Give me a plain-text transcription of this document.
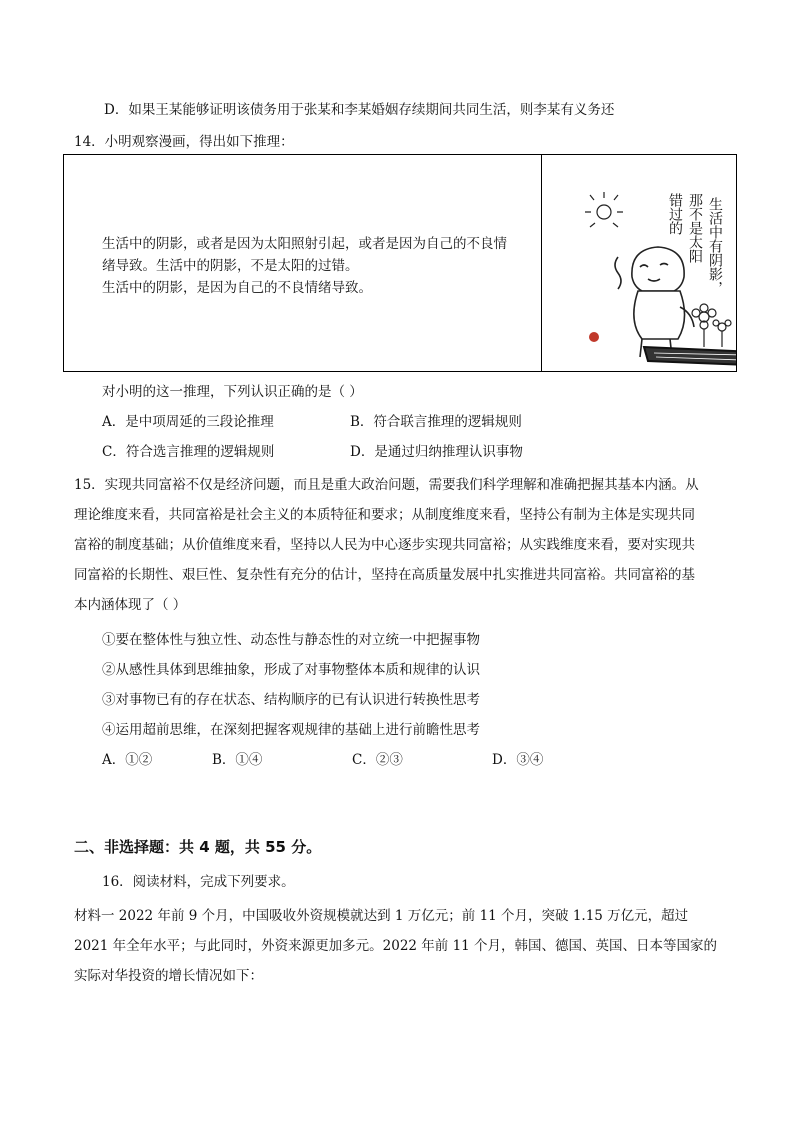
D．如果王某能够证明该债务用于张某和李某婚姻存续期间共同生活，则李某有义务还
14．小明观察漫画，得出如下推理：

生活中的阴影，或者是因为太阳照射引起，或者是因为自己的不良情

绪导致。生活中的阴影，不是太阳的过错。

生活中的阴影，是因为自己的不良情绪导致。	生活中有阴影，
那不是太阳
错过的
对小明的这一推理，下列认识正确的是（ ）
A．是中项周延的三段论推理	B．符合联言推理的逻辑规则
C．符合选言推理的逻辑规则	D．是通过归纳推理认识事物

15．实现共同富裕不仅是经济问题，而且是重大政治问题，需要我们科学理解和准确把握其基本内涵。从

理论维度来看，共同富裕是社会主义的本质特征和要求；从制度维度来看，坚持公有制为主体是实现共同

富裕的制度基础；从价值维度来看，坚持以人民为中心逐步实现共同富裕；从实践维度来看，要对实现共

同富裕的长期性、艰巨性、复杂性有充分的估计，坚持在高质量发展中扎实推进共同富裕。共同富裕的基

本内涵体现了（ ）

①要在整体性与独立性、动态性与静态性的对立统一中把握事物
②从感性具体到思维抽象，形成了对事物整体本质和规律的认识
③对事物已有的存在状态、结构顺序的已有认识进行转换性思考
④运用超前思维，在深刻把握客观规律的基础上进行前瞻性思考
A．①②	B．①④	C．②③	D．③④
二、非选择题：共 4 题，共 55 分。
16．阅读材料，完成下列要求。

材料一 2022 年前 9 个月，中国吸收外资规模就达到 1 万亿元；前 11 个月，突破 1.15 万亿元，超过

2021 年全年水平；与此同时，外资来源更加多元。2022 年前 11 个月，韩国、德国、英国、日本等国家的

实际对华投资的增长情况如下：
